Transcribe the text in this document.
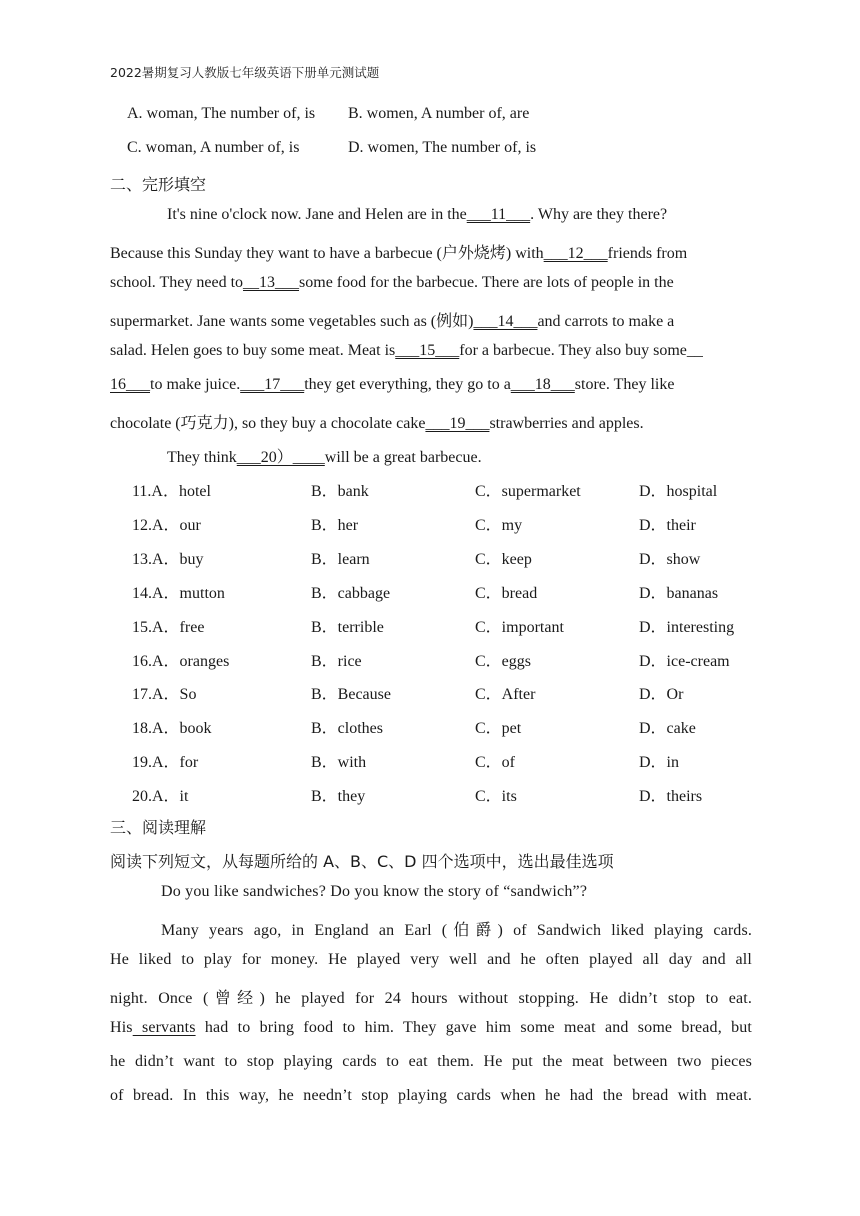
2022暑期复习人教版七年级英语下册单元测试题
A. woman, The number of, is B. women, A number of, are
C. woman, A number of, is	D. women, The number of, is
二、完形填空
It's nine o'clock now. Jane and Helen are in the___11___. Why are they there?
Because this Sunday they want to have a barbecue (户外烧烤) with___12___friends from
school. They need to__13___some food for the barbecue. There are lots of people in the
supermarket. Jane wants some vegetables such as (例如)___14___and carrots to make a
salad. Helen goes to buy some meat. Meat is___15___for a barbecue. They also buy some__
16___to make juice.___17___they get everything, they go to a___18___store. They like
chocolate (巧克力), so they buy a chocolate cake___19___strawberries and apples.
They think___20）____will be a great barbecue.
11.A．hotel	B．bank	C．supermarket	D．hospital
12.A．our	B．her	C．my	D．their
13.A．buy	B．learn	C．keep	D．show
14.A．mutton	B．cabbage	C．bread	D．bananas
15.A．free	B．terrible	C．important	D．interesting
16.A．oranges	B．rice	C．eggs	D．ice-cream
17.A．So	B．Because	C．After	D．Or
18.A．book	B．clothes	C．pet	D．cake
19.A．for	B．with	C．of	D．in
20.A．it	B．they	C．its	D．theirs
三、阅读理解
阅读下列短文，从每题所给的 A、B、C、D 四个选项中，选出最佳选项
Do you like sandwiches? Do you know the story of “sandwich”?
Many years ago, in England an Earl (伯爵) of Sandwich liked playing cards.
He liked to play for money. He played very well and he often played all day and all
night. Once (曾经) he played for 24 hours without stopping. He didn’t stop to eat.
His servants had to bring food to him. They gave him some meat and some bread, but
he didn’t want to stop playing cards to eat them. He put the meat between two pieces
of bread. In this way, he needn’t stop playing cards when he had the bread with meat.
